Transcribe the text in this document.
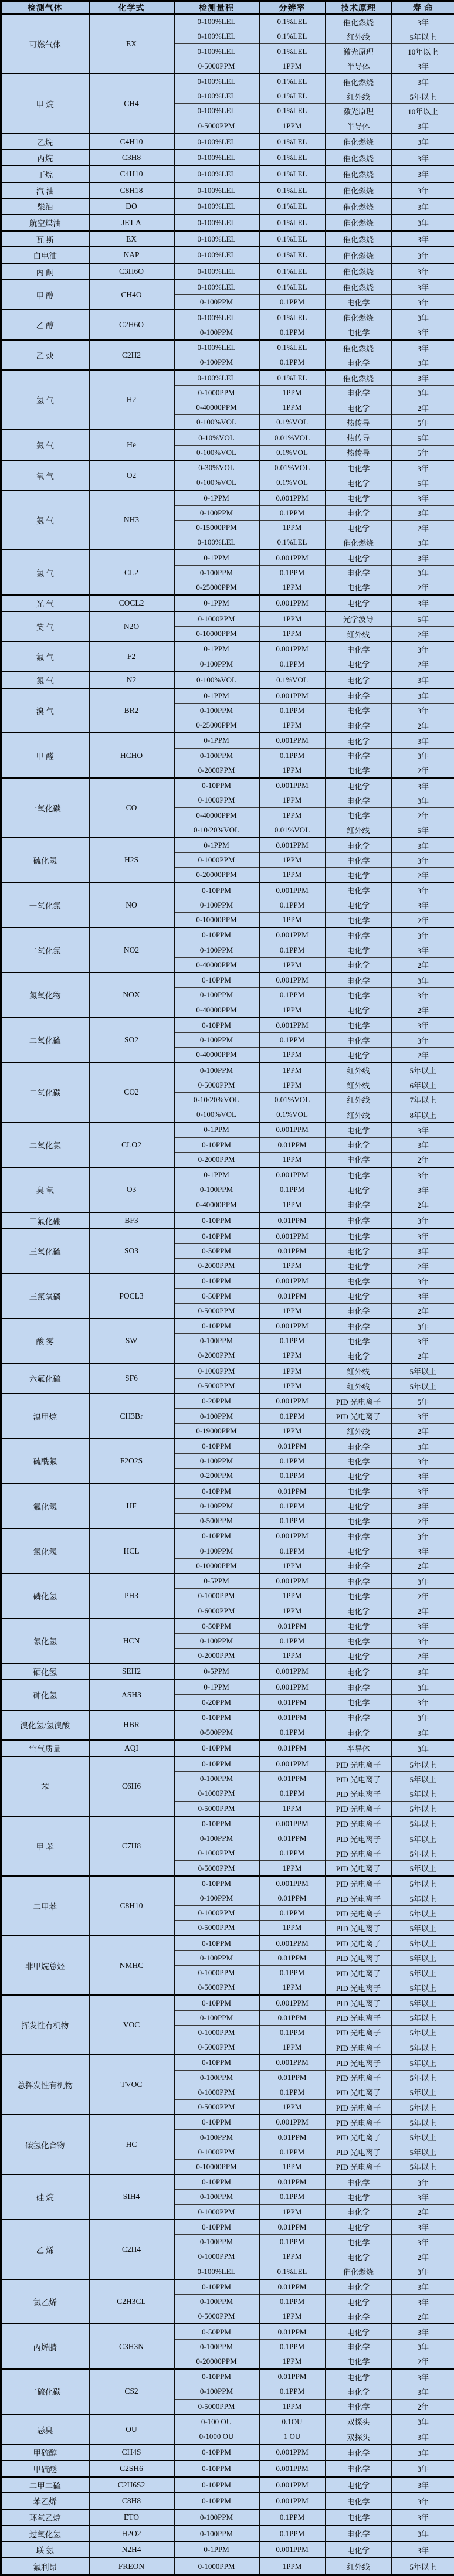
检测气体	化学式	检测量程	分辨率	技术原理	寿 命
可燃气体	EX	0-100%LEL	0.1%LEL	催化燃烧	3年
		0-100%LEL	0.1%LEL	红外线	5年以上
		0-100%LEL	0.1%LEL	激光原理	10年以上
		0-5000PPM	1PPM	半导体	3年
甲 烷	CH4	0-100%LEL	0.1%LEL	催化燃烧	3年
		0-100%LEL	0.1%LEL	红外线	5年以上
		0-100%LEL	0.1%LEL	激光原理	10年以上
		0-5000PPM	1PPM	半导体	3年
乙烷	C4H10	0-100%LEL	0.1%LEL	催化燃烧	3年
丙烷	C3H8	0-100%LEL	0.1%LEL	催化燃烧	3年
丁烷	C4H10	0-100%LEL	0.1%LEL	催化燃烧	3年
汽 油	C8H18	0-100%LEL	0.1%LEL	催化燃烧	3年
柴油	DO	0-100%LEL	0.1%LEL	催化燃烧	3年
航空煤油	JET A	0-100%LEL	0.1%LEL	催化燃烧	3年
瓦 斯	EX	0-100%LEL	0.1%LEL	催化燃烧	3年
白电油	NAP	0-100%LEL	0.1%LEL	催化燃烧	3年
丙 酮	C3H6O	0-100%LEL	0.1%LEL	催化燃烧	3年
甲 醇	CH4O	0-100%LEL	0.1%LEL	催化燃烧	3年
		0-100PPM	0.1PPM	电化学	3年
乙 醇	C2H6O	0-100%LEL	0.1%LEL	催化燃烧	3年
		0-100PPM	0.1PPM	电化学	3年
乙 炔	C2H2	0-100%LEL	0.1%LEL	催化燃烧	3年
		0-100PPM	0.1PPM	电化学	3年
氢 气	H2	0-100%LEL	0.1%LEL	催化燃烧	3年
		0-1000PPM	1PPM	电化学	3年
		0-40000PPM	1PPM	电化学	2年
		0-100%VOL	0.1%VOL	热传导	5年
氦 气	He	0-10%VOL	0.01%VOL	热传导	5年
		0-100%VOL	0.1%VOL	热传导	5年
氧 气	O2	0-30%VOL	0.01%VOL	电化学	3年
		0-100%VOL	0.1%VOL	电化学	5年
氨 气	NH3	0-1PPM	0.001PPM	电化学	3年
		0-100PPM	0.1PPM	电化学	3年
		0-15000PPM	1PPM	电化学	2年
		0-100%LEL	0.1%LEL	催化燃烧	3年
氯 气	CL2	0-1PPM	0.001PPM	电化学	3年
		0-100PPM	0.1PPM	电化学	3年
		0-25000PPM	1PPM	电化学	2年
光 气	COCL2	0-1PPM	0.001PPM	电化学	3年
笑 气	N2O	0-1000PPM	1PPM	光学波导	5年
		0-10000PPM	1PPM	红外线	2年
氟 气	F2	0-1PPM	0.001PPM	电化学	3年
		0-100PPM	0.1PPM	电化学	2年
氮 气	N2	0-100%VOL	0.1%VOL	电化学	3年
溴 气	BR2	0-1PPM	0.001PPM	电化学	3年
		0-100PPM	0.1PPM	电化学	3年
		0-25000PPM	1PPM	电化学	2年
甲 醛	HCHO	0-1PPM	0.001PPM	电化学	3年
		0-100PPM	0.1PPM	电化学	3年
		0-2000PPM	1PPM	电化学	2年
一氧化碳	CO	0-10PPM	0.001PPM	电化学	3年
		0-1000PPM	1PPM	电化学	3年
		0-40000PPM	1PPM	电化学	2年
		0-10/20%VOL	0.01%VOL	红外线	5年
硫化氢	H2S	0-1PPM	0.001PPM	电化学	3年
		0-1000PPM	1PPM	电化学	3年
		0-20000PPM	1PPM	电化学	2年
一氧化氮	NO	0-10PPM	0.001PPM	电化学	3年
		0-100PPM	0.1PPM	电化学	3年
		0-10000PPM	1PPM	电化学	2年
二氧化氮	NO2	0-10PPM	0.001PPM	电化学	3年
		0-100PPM	0.1PPM	电化学	3年
		0-40000PPM	1PPM	电化学	2年
氮氧化物	NOX	0-10PPM	0.001PPM	电化学	3年
		0-100PPM	0.1PPM	电化学	3年
		0-40000PPM	1PPM	电化学	2年
二氧化硫	SO2	0-10PPM	0.001PPM	电化学	3年
		0-100PPM	0.1PPM	电化学	3年
		0-40000PPM	1PPM	电化学	2年
二氧化碳	CO2	0-100PPM	1PPM	红外线	5年以上
		0-5000PPM	1PPM	红外线	6年以上
		0-10/20%VOL	0.01%VOL	红外线	7年以上
		0-100%VOL	0.1%VOL	红外线	8年以上
二氧化氯	CLO2	0-1PPM	0.001PPM	电化学	3年
		0-10PPM	0.01PPM	电化学	3年
		0-2000PPM	1PPM	电化学	2年
臭 氧	O3	0-1PPM	0.001PPM	电化学	3年
		0-100PPM	0.1PPM	电化学	3年
		0-40000PPM	1PPM	电化学	2年
三氟化硼	BF3	0-10PPM	0.01PPM	电化学	3年
三氧化硫	SO3	0-10PPM	0.001PPM	电化学	3年
		0-50PPM	0.01PPM	电化学	3年
		0-2000PPM	1PPM	电化学	2年
三氯氧磷	POCL3	0-10PPM	0.001PPM	电化学	3年
		0-50PPM	0.01PPM	电化学	3年
		0-5000PPM	1PPM	电化学	2年
酸 雾	SW	0-10PPM	0.001PPM	电化学	3年
		0-100PPM	0.1PPM	电化学	3年
		0-2000PPM	1PPM	电化学	2年
六氟化硫	SF6	0-1000PPM	1PPM	红外线	5年以上
		0-5000PPM	1PPM	红外线	5年以上
溴甲烷	CH3Br	0-20PPM	0.001PPM	PID 光电离子	5年
		0-100PPM	0.1PPM	PID 光电离子	3年
		0-19000PPM	1PPM	红外线	2年
硫酰氟	F2O2S	0-10PPM	0.01PPM	电化学	3年
		0-100PPM	0.1PPM	电化学	3年
		0-200PPM	0.1PPM	电化学	3年
氟化氢	HF	0-10PPM	0.01PPM	电化学	3年
		0-100PPM	0.1PPM	电化学	3年
		0-500PPM	0.1PPM	电化学	2年
氯化氢	HCL	0-10PPM	0.001PPM	电化学	3年
		0-100PPM	0.1PPM	电化学	3年
		0-10000PPM	1PPM	电化学	2年
磷化氢	PH3	0-5PPM	0.001PPM	电化学	3年
		0-1000PPM	1PPM	电化学	2年
		0-6000PPM	1PPM	电化学	2年
氰化氢	HCN	0-50PPM	0.01PPM	电化学	3年
		0-100PPM	0.1PPM	电化学	3年
		0-2000PPM	1PPM	电化学	2年
硒化氢	SEH2	0-5PPM	0.001PPM	电化学	3年
砷化氢	ASH3	0-1PPM	0.001PPM	电化学	3年
		0-20PPM	0.01PPM	电化学	3年
溴化氢/氢溴酸	HBR	0-10PPM	0.01PPM	电化学	3年
		0-500PPM	0.1PPM	电化学	3年
空气质量	AQI	0-10PPM	0.01PPM	半导体	3年
苯	C6H6	0-10PPM	0.001PPM	PID 光电离子	5年以上
		0-100PPM	0.01PPM	PID 光电离子	5年以上
		0-1000PPM	0.1PPM	PID 光电离子	5年以上
		0-5000PPM	1PPM	PID 光电离子	5年以上
甲 苯	C7H8	0-10PPM	0.001PPM	PID 光电离子	5年以上
		0-100PPM	0.01PPM	PID 光电离子	5年以上
		0-1000PPM	0.1PPM	PID 光电离子	5年以上
		0-5000PPM	1PPM	PID 光电离子	5年以上
二甲苯	C8H10	0-10PPM	0.001PPM	PID 光电离子	5年以上
		0-100PPM	0.01PPM	PID 光电离子	5年以上
		0-1000PPM	0.1PPM	PID 光电离子	5年以上
		0-5000PPM	1PPM	PID 光电离子	5年以上
非甲烷总烃	NMHC	0-10PPM	0.001PPM	PID 光电离子	5年以上
		0-100PPM	0.01PPM	PID 光电离子	5年以上
		0-1000PPM	0.1PPM	PID 光电离子	5年以上
		0-5000PPM	1PPM	PID 光电离子	5年以上
挥发性有机物	VOC	0-10PPM	0.001PPM	PID 光电离子	5年以上
		0-100PPM	0.01PPM	PID 光电离子	5年以上
		0-1000PPM	0.1PPM	PID 光电离子	5年以上
		0-5000PPM	1PPM	PID 光电离子	5年以上
总挥发性有机物	TVOC	0-10PPM	0.001PPM	PID 光电离子	5年以上
		0-100PPM	0.01PPM	PID 光电离子	5年以上
		0-1000PPM	0.1PPM	PID 光电离子	5年以上
		0-5000PPM	1PPM	PID 光电离子	5年以上
碳氢化合物	HC	0-10PPM	0.001PPM	PID 光电离子	5年以上
		0-100PPM	0.01PPM	PID 光电离子	5年以上
		0-1000PPM	0.1PPM	PID 光电离子	5年以上
		0-10000PPM	1PPM	PID 光电离子	5年以上
硅 烷	SIH4	0-10PPM	0.01PPM	电化学	3年
		0-100PPM	0.1PPM	电化学	3年
		0-1000PPM	1PPM	电化学	2年
乙 烯	C2H4	0-10PPM	0.01PPM	电化学	3年
		0-100PPM	0.1PPM	电化学	3年
		0-1000PPM	1PPM	电化学	2年
		0-100%LEL	0.1%LEL	催化燃烧	3年
氯乙烯	C2H3CL	0-10PPM	0.01PPM	电化学	3年
		0-100PPM	0.1PPM	电化学	3年
		0-5000PPM	1PPM	电化学	2年
丙烯腈	C3H3N	0-50PPM	0.01PPM	电化学	3年
		0-100PPM	0.1PPM	电化学	3年
		0-20000PPM	1PPM	电化学	2年
二硫化碳	CS2	0-10PPM	0.01PPM	电化学	3年
		0-100PPM	0.1PPM	电化学	3年
		0-5000PPM	1PPM	电化学	2年
恶臭	OU	0-100 OU	0.1OU	双探头	3年
		0-1000 OU	1 OU	双探头	3年
甲硫醇	CH4S	0-10PPM	0.001PPM	电化学	3年
甲硫醚	C2SH6	0-10PPM	0.001PPM	电化学	3年
二甲二硫	C2H6S2	0-10PPM	0.001PPM	电化学	3年
苯乙烯	C8H8	0-10PPM	0.001PPM	电化学	3年
环氧乙烷	ETO	0-100PPM	0.1PPM	电化学	3年
过氧化氢	H2O2	0-100PPM	0.1PPM	电化学	3年
联 氨	N2H4	0-1PPM	0.001PPM	电化学	3年
氟利昂	FREON	0-1000PPM	1PPM	红外线	5年以上
